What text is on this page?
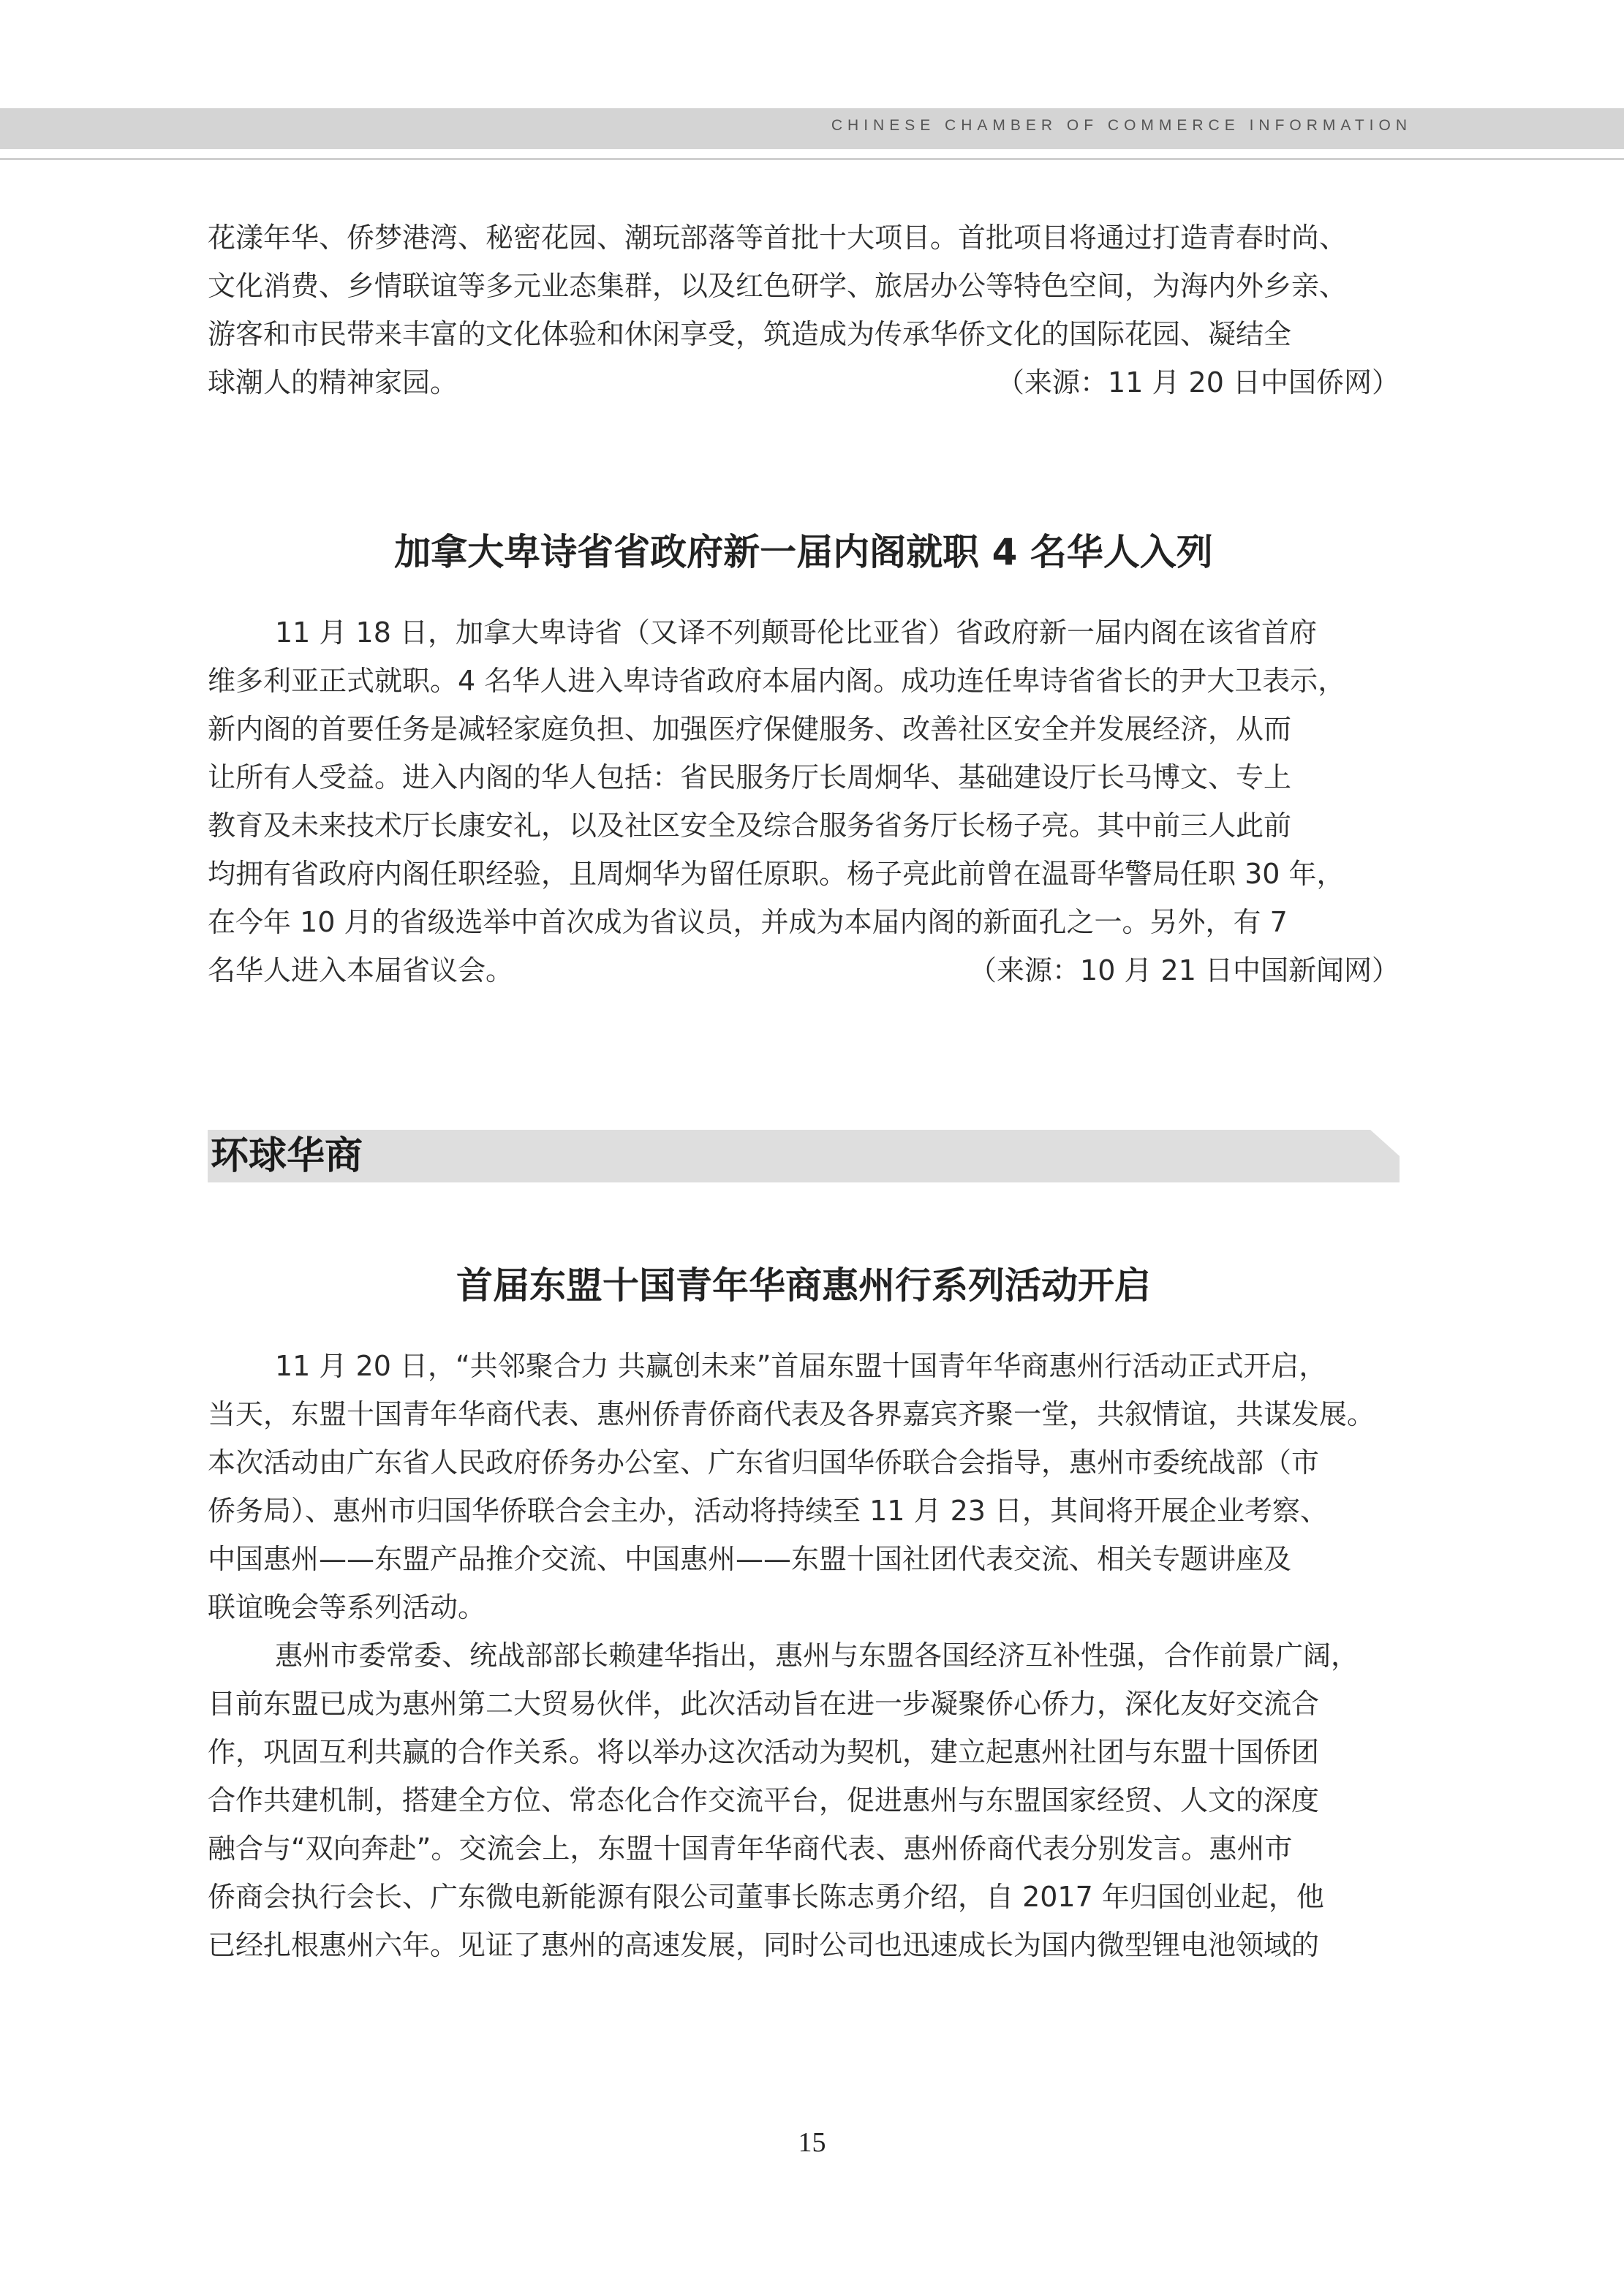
CHINESE CHAMBER OF COMMERCE INFORMATION
花漾年华、侨梦港湾、秘密花园、潮玩部落等首批十大项目。首批项目将通过打造青春时尚、
文化消费、乡情联谊等多元业态集群，以及红色研学、旅居办公等特色空间，为海内外乡亲、
游客和市民带来丰富的文化体验和休闲享受，筑造成为传承华侨文化的国际花园、凝结全
球潮人的精神家园。	（来源：11 月 20 日中国侨网）
加拿大卑诗省省政府新一届内阁就职 4 名华人入列
11 月 18 日，加拿大卑诗省（又译不列颠哥伦比亚省）省政府新一届内阁在该省首府
维多利亚正式就职。4 名华人进入卑诗省政府本届内阁。成功连任卑诗省省长的尹大卫表示，
新内阁的首要任务是减轻家庭负担、加强医疗保健服务、改善社区安全并发展经济，从而
让所有人受益。进入内阁的华人包括：省民服务厅长周炯华、基础建设厅长马博文、专上
教育及未来技术厅长康安礼，以及社区安全及综合服务省务厅长杨子亮。其中前三人此前
均拥有省政府内阁任职经验，且周炯华为留任原职。杨子亮此前曾在温哥华警局任职 30 年，
在今年 10 月的省级选举中首次成为省议员，并成为本届内阁的新面孔之一。另外，有 7
名华人进入本届省议会。	（来源：10 月 21 日中国新闻网）
环球华商
首届东盟十国青年华商惠州行系列活动开启
11 月 20 日，“共邻聚合力 共赢创未来”首届东盟十国青年华商惠州行活动正式开启，
当天，东盟十国青年华商代表、惠州侨青侨商代表及各界嘉宾齐聚一堂，共叙情谊，共谋发展。
本次活动由广东省人民政府侨务办公室、广东省归国华侨联合会指导，惠州市委统战部（市
侨务局）、惠州市归国华侨联合会主办，活动将持续至 11 月 23 日，其间将开展企业考察、
中国惠州——东盟产品推介交流、中国惠州——东盟十国社团代表交流、相关专题讲座及
联谊晚会等系列活动。
惠州市委常委、统战部部长赖建华指出，惠州与东盟各国经济互补性强，合作前景广阔，
目前东盟已成为惠州第二大贸易伙伴，此次活动旨在进一步凝聚侨心侨力，深化友好交流合
作，巩固互利共赢的合作关系。将以举办这次活动为契机，建立起惠州社团与东盟十国侨团
合作共建机制，搭建全方位、常态化合作交流平台，促进惠州与东盟国家经贸、人文的深度
融合与“双向奔赴”。交流会上，东盟十国青年华商代表、惠州侨商代表分别发言。惠州市
侨商会执行会长、广东微电新能源有限公司董事长陈志勇介绍，自 2017 年归国创业起，他
已经扎根惠州六年。见证了惠州的高速发展，同时公司也迅速成长为国内微型锂电池领域的
15
